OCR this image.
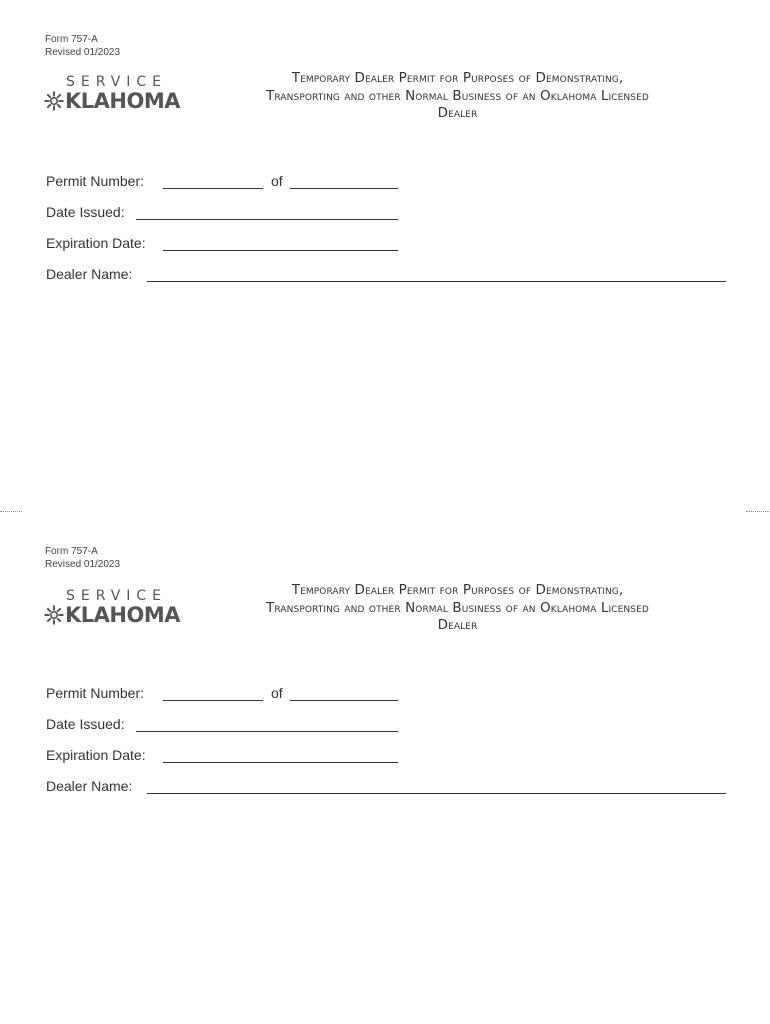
Form 757-A
Revised 01/2023
SERVICE
KLAHOMA
Temporary Dealer Permit for Purposes of Demonstrating,
Transporting and other Normal Business of an Oklahoma Licensed
Dealer
Permit Number:	of
Date Issued:
Expiration Date:
Dealer Name:
Form 757-A
Revised 01/2023
SERVICE
KLAHOMA
Temporary Dealer Permit for Purposes of Demonstrating,
Transporting and other Normal Business of an Oklahoma Licensed
Dealer
Permit Number:	of
Date Issued:
Expiration Date:
Dealer Name:
